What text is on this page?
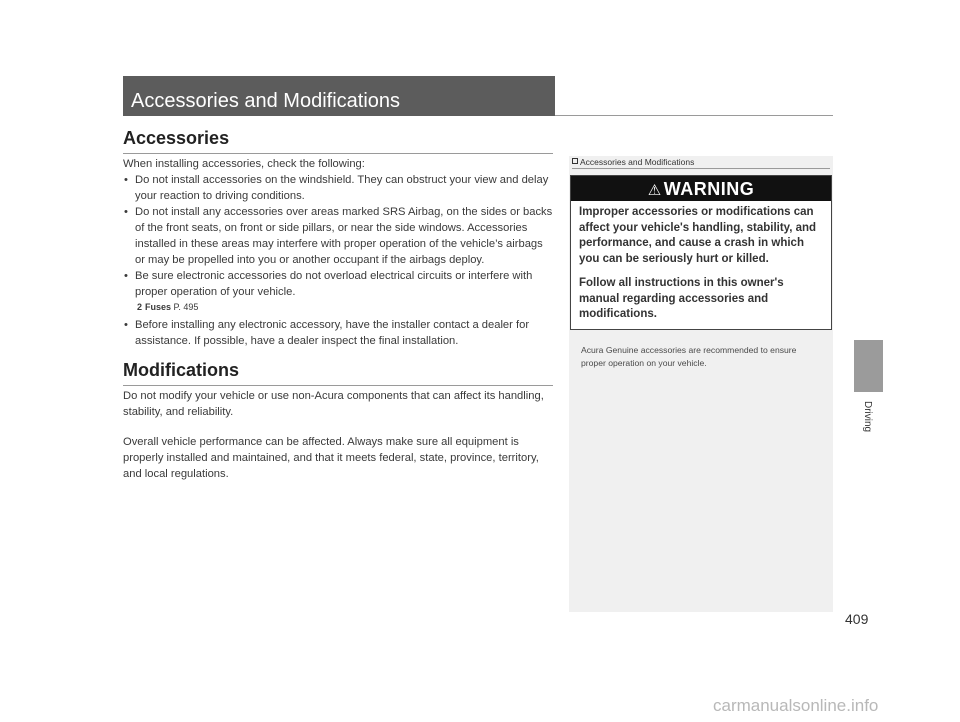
Accessories and Modifications
Accessories

When installing accessories, check the following:

• Do not install accessories on the windshield. They can obstruct your view and delay your reaction to driving conditions.
• Do not install any accessories over areas marked SRS Airbag, on the sides or backs of the front seats, on front or side pillars, or near the side windows. Accessories installed in these areas may interfere with proper operation of the vehicle’s airbags or may be propelled into you or another occupant if the airbags deploy.
• Be sure electronic accessories do not overload electrical circuits or interfere with proper operation of your vehicle.
2 Fuses P. 495
• Before installing any electronic accessory, have the installer contact a dealer for assistance. If possible, have a dealer inspect the final installation.
Modifications

Do not modify your vehicle or use non-Acura components that can affect its handling, stability, and reliability.

Overall vehicle performance can be affected. Always make sure all equipment is properly installed and maintained, and that it meets federal, state, province, territory, and local regulations.

Accessories and Modifications
⚠ WARNING

Improper accessories or modifications can affect your vehicle's handling, stability, and performance, and cause a crash in which you can be seriously hurt or killed.

Follow all instructions in this owner's manual regarding accessories and modifications.

Acura Genuine accessories are recommended to ensure proper operation on your vehicle.
Driving
409
carmanualsonline.info
